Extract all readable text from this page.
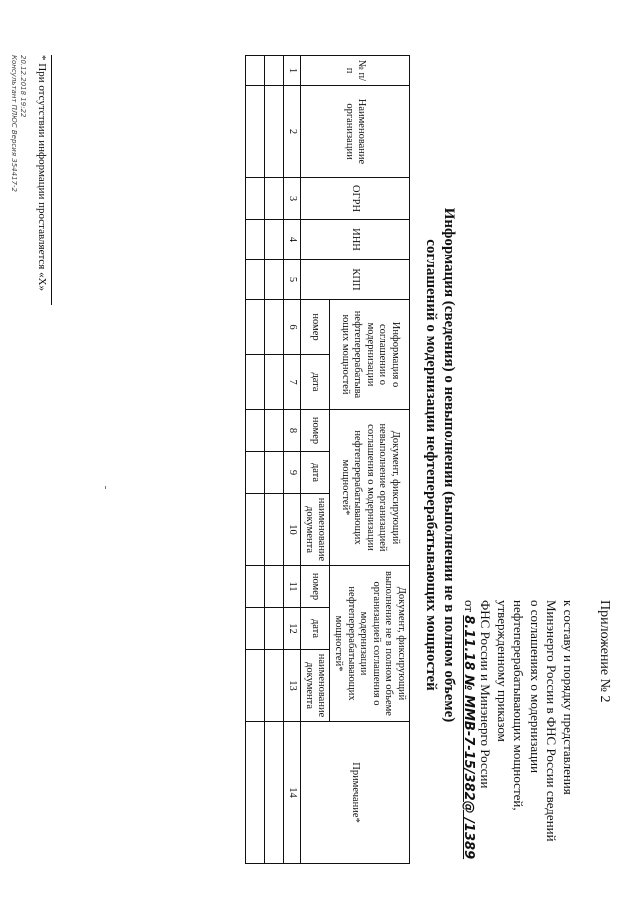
Приложение № 2
к составу и порядку представления
Минэнерго России в ФНС России сведений
о соглашениях о модернизации
нефтеперерабатывающих мощностей,
утвержденному приказом
ФНС России и Минэнерго России
от 8.11.18 № ММВ-7-15/382@ /1389
Информация (сведения) о невыполнении (выполнении не в полном объеме)
соглашений о модернизации нефтеперерабатывающих мощностей
№ п/п	Наименование организации	ОГРН	ИНН	КПП	Информация о соглашении о модернизации нефтеперерабатыва ющих мощностей		Документ, фиксирующий невыполнение организацией соглашения о модернизации нефтеперерабатывающих мощностей*			Документ, фиксирующий выполнение не в полном объеме организацией соглашения о модернизации нефтеперерабатывающих мощностей*			Примечание*
					номер	дата	номер	дата	наименование документа	номер	дата	наименование документа	
1	2	3	4	5	6	7	8	9	10	11	12	13	14

* При отсутствии информации проставляется «Х»
20.12.2018 19:22
Консультант ПЛЮС Версия 354417-2
